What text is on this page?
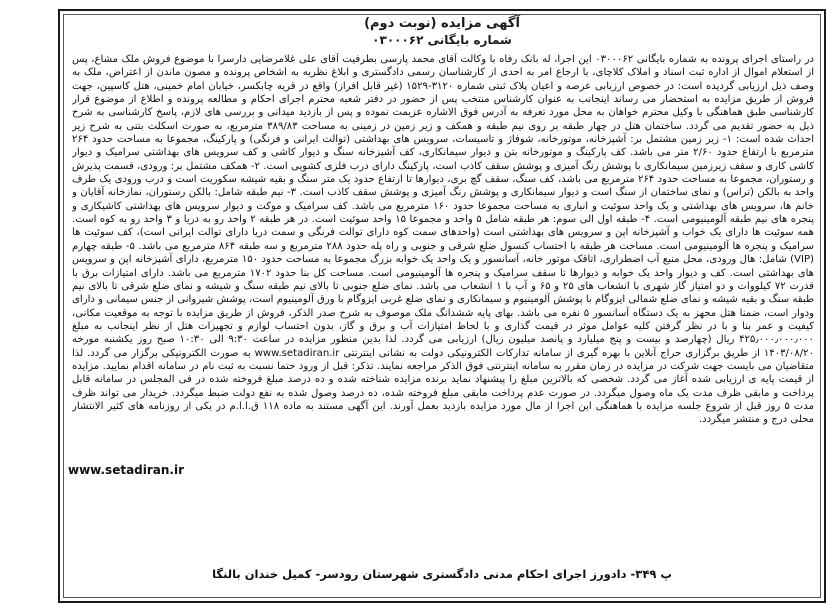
آگهی مزایده (نوبت دوم)
شماره بایگانی ۰۳۰۰۰۶۲
در راستای اجرای پرونده به شماره بایگانی ۰۳۰۰۰۶۲ این اجرا، له بانک رفاه با وکالت آقای محمد پارسی بطرفیت آقای علی غلامرضایی دارسرا با موضوع فروش ملک مشاع، پس از استعلام اموال از اداره ثبت اسناد و املاک کلاچای، با ارجاع امر به احدی از کارشناسان رسمی دادگستری و ابلاغ نظریه به اشخاص پرونده و مصون ماندن از اعتراض، ملک به وصف ذیل ارزیابی گردیده است: در خصوص ارزیابی عرصه و اعیان پلاک ثبتی شماره ۳۱۲۰-۱۵۲۹ (غیر قابل افراز) واقع در قریه چابکسر، خیابان امام خمینی، هتل کاسپین، جهت فروش از طریق مزایده به استحضار می رساند اینجانب به عنوان کارشناس منتخب پس از حضور در دفتر شعبه محترم اجرای احکام و مطالعه پرونده و اطلاع از موضوع قرار کارشناسی طبق هماهنگی با وکیل محترم خواهان به محل مورد تعرفه به آدرس فوق الاشاره عزیمت نموده و پس از بازدید میدانی و بررسی های لازم، پاسخ کارشناسی به شرح ذیل به حضور تقدیم می گردد. ساختمان هتل در چهار طبقه بر روی نیم طبقه و همکف و زیر زمین در زمینی به مساحت ۳۸۹/۸۳ مترمربع، به صورت اسکلت بتنی به شرح زیر احداث شده است: ۱- زیر زمین مشتمل بر: آشپزخانه، موتورخانه، شوفاژ و تاسیسات، سرویس های بهداشتی (توالت ایرانی و فرنگی) و پارکینگ، مجموعا به مساحت حدود ۲۶۴ مترمربع با ارتفاع حدود ۲/۶۰ متر می باشد. کف پارکینگ و موتورخانه بتن و دیوار سیمانکاری، کف آشپزخانه سنگ و دیوار کاشی و کف سرویس های بهداشتی سرامیک و دیوار کاشی کاری و سقف زیرزمین سیمانکاری با پوشش رنگ آمیزی و پوشش سقف کاذب است، پارکینگ دارای درب فلزی کشویی است. ۲- همکف مشتمل بر: ورودی، قسمت پذیرش و رستوران، مجموعا به مساحت حدود ۲۶۴ مترمربع می باشد، کف سنگ، سقف گچ بری، دیوارها تا ارتفاع حدود یک متر سنگ و بقیه شیشه سکوریت است و درب ورودی یک طرف واحد به بالکن (تراس) و نمای ساختمان از سنگ است و دیوار سیمانکاری و پوشش رنگ آمیزی و پوشش سقف کاذب است. ۳- نیم طبقه شامل: بالکن رستوران، نمازخانه آقایان و خانم ها، سرویس های بهداشتی و یک واحد سوئیت و انباری به مساحت مجموعا حدود ۱۶۰ مترمربع می باشد. کف سرامیک و موکت و دیوار سرویس های بهداشتی کاشیکاری و پنجره های نیم طبقه آلومینیومی است. ۴- طبقه اول الی سوم: هر طبقه شامل ۵ واحد و مجموعا ۱۵ واحد سوئیت است. در هر طبقه ۲ واحد رو به دریا و ۳ واحد رو به کوه است. همه سوئیت ها دارای یک خواب و آشپزخانه اپن و سرویس های بهداشتی است (واحدهای سمت کوه دارای توالت فرنگی و سمت دریا دارای توالت ایرانی است)، کف سوئیت ها سرامیک و پنجره ها آلومینیومی است. مساحت هر طبقه با احتساب کنسول ضلع شرقی و جنوبی و راه پله حدود ۲۸۸ مترمربع و سه طبقه ۸۶۴ مترمربع می باشد. ۵- طبقه چهارم (VIP) شامل: هال ورودی، محل منبع آب اضطراری، اتاقک موتور خانه، آسانسور و یک واحد یک خوابه بزرگ مجموعا به مساحت حدود ۱۵۰ مترمربع، دارای آشپزخانه اپن و سرویس های بهداشتی است. کف و دیوار واحد یک خوابه و دیوارها تا سقف سرامیک و پنجره ها آلومینیومی است. مساحت کل بنا حدود ۱۷۰۲ مترمربع می باشد. دارای امتیازات برق با قدرت ۷۲ کیلووات و دو امتیاز گاز شهری با انشعاب های ۲۵ و ۶۵ و آب با ۱ انشعاب می باشد. نمای ضلع جنوبی تا بالای نیم طبقه سنگ و شیشه و نمای ضلع شرقی تا بالای نیم طبقه سنگ و بقیه شیشه و نمای ضلع شمالی ایزوگام با پوشش آلومینیوم و سیمانکاری و نمای ضلع غربی ایزوگام با ورق آلومینیوم است، پوشش شیروانی از جنس سیمانی و دارای ودوار است، ضمنا هتل مجهز به یک دستگاه آسانسور ۵ نفره می باشد. بهای پایه ششدانگ ملک موصوف به شرح صدر الذکر، فروش از طریق مزایده با توجه به موقعیت مکانی، کیفیت و عمر بنا و با در نظر گرفتن کلیه عوامل موثر در قیمت گذاری و با لحاظ امتیازات آب و برق و گاز، بدون احتساب لوازم و تجهیزات هتل از نظر اینجانب به مبلغ ۴۲۵٫۰۰۰٫۰۰۰٫۰۰۰ ریال (چهارصد و بیست و پنج میلیارد و پانصد میلیون ریال) ارزیابی می گردد. لذا بدین منظور مزایده در ساعت ۹:۳۰ الی ۱۰:۳۰ صبح روز یکشنبه مورخه ۱۴۰۳/۰۸/۲۰ از طریق برگزاری حراج آنلاین با بهره گیری از سامانه تدارکات الکترونیکی دولت به نشانی اینترنتی www.setadiran.ir به صورت الکترونیکی برگزار می گردد. لذا متقاضیان می بایست جهت شرکت در مزایده در زمان مقرر به سامانه اینترنتی فوق الذکر مراجعه نمایند. تذکر: قبل از ورود حتما نسبت به ثبت نام در سامانه اقدام نمایید. مزایده از قیمت پایه ی ارزیابی شده آغاز می گردد. شخصی که بالاترین مبلغ را پیشنهاد نماید برنده مزایده شناخته شده و ده درصد مبلغ فروخته شده در فی المجلس در سامانه قابل پرداخت و مابقی ظرف مدت یک ماه وصول میگردد. در صورت عدم پرداخت مابقی مبلغ فروخته شده، ده درصد وصول شده به نفع دولت ضبط میگردد. خریدار می تواند ظرف مدت ۵ روز قبل از شروع جلسه مزایده با هماهنگی این اجرا از مال مورد مزایده بازدید بعمل آورند. این آگهی مستند به ماده ۱۱۸ ق.ا.ا.م در یکی از روزنامه های کثیر الانتشار محلی درج و منتشر میگردد.
www.setadiran.ir
پ ۳۴۹- دادورز اجرای احکام مدنی دادگستری شهرستان رودسر- کمیل خندان بالنگا
